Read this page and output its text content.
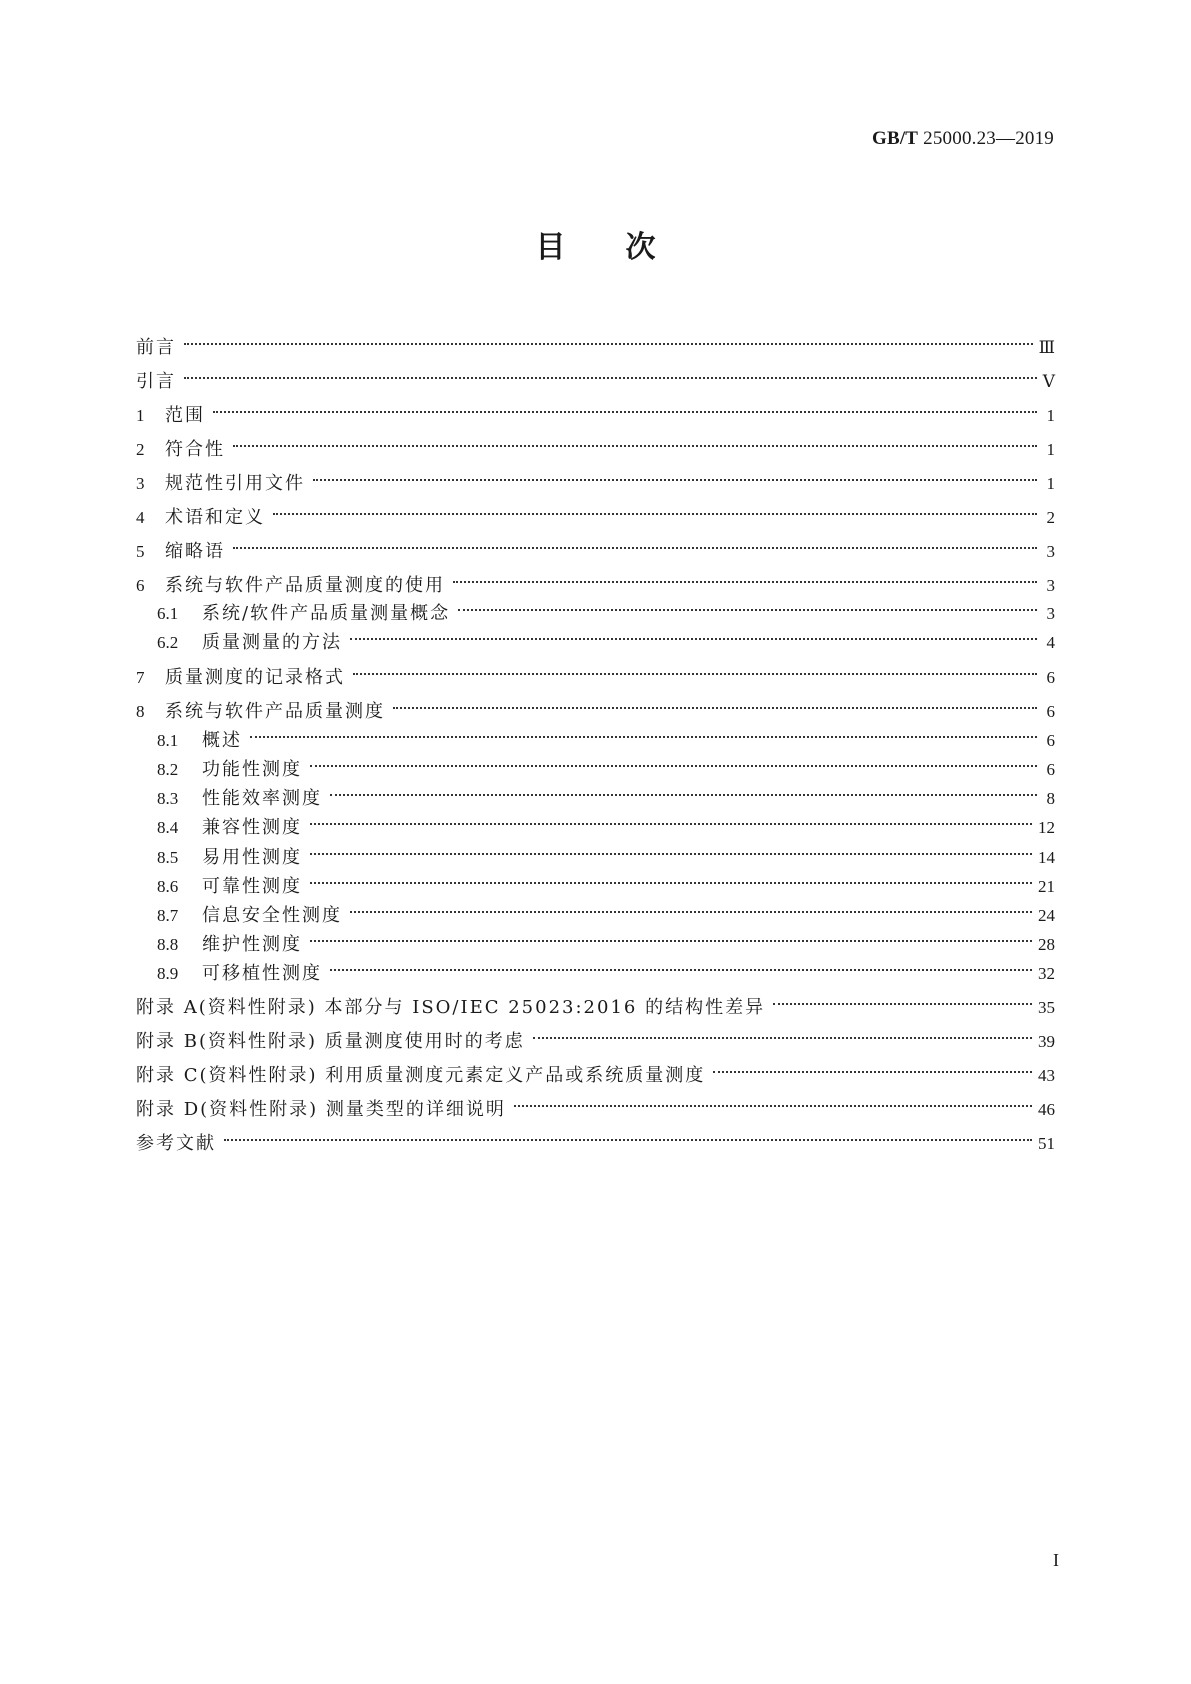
GB/T 25000.23—2019
目次
前言	Ⅲ
引言	Ⅴ
1	范围	1
2	符合性	1
3	规范性引用文件	1
4	术语和定义	2
5	缩略语	3
6	系统与软件产品质量测度的使用	3
6.1	系统/软件产品质量测量概念	3
6.2	质量测量的方法	4
7	质量测度的记录格式	6
8	系统与软件产品质量测度	6
8.1	概述	6
8.2	功能性测度	6
8.3	性能效率测度	8
8.4	兼容性测度	12
8.5	易用性测度	14
8.6	可靠性测度	21
8.7	信息安全性测度	24
8.8	维护性测度	28
8.9	可移植性测度	32
附录 A(资料性附录) 本部分与 ISO/IEC 25023:2016 的结构性差异	35
附录 B(资料性附录) 质量测度使用时的考虑	39
附录 C(资料性附录) 利用质量测度元素定义产品或系统质量测度	43
附录 D(资料性附录) 测量类型的详细说明	46
参考文献	51
I
